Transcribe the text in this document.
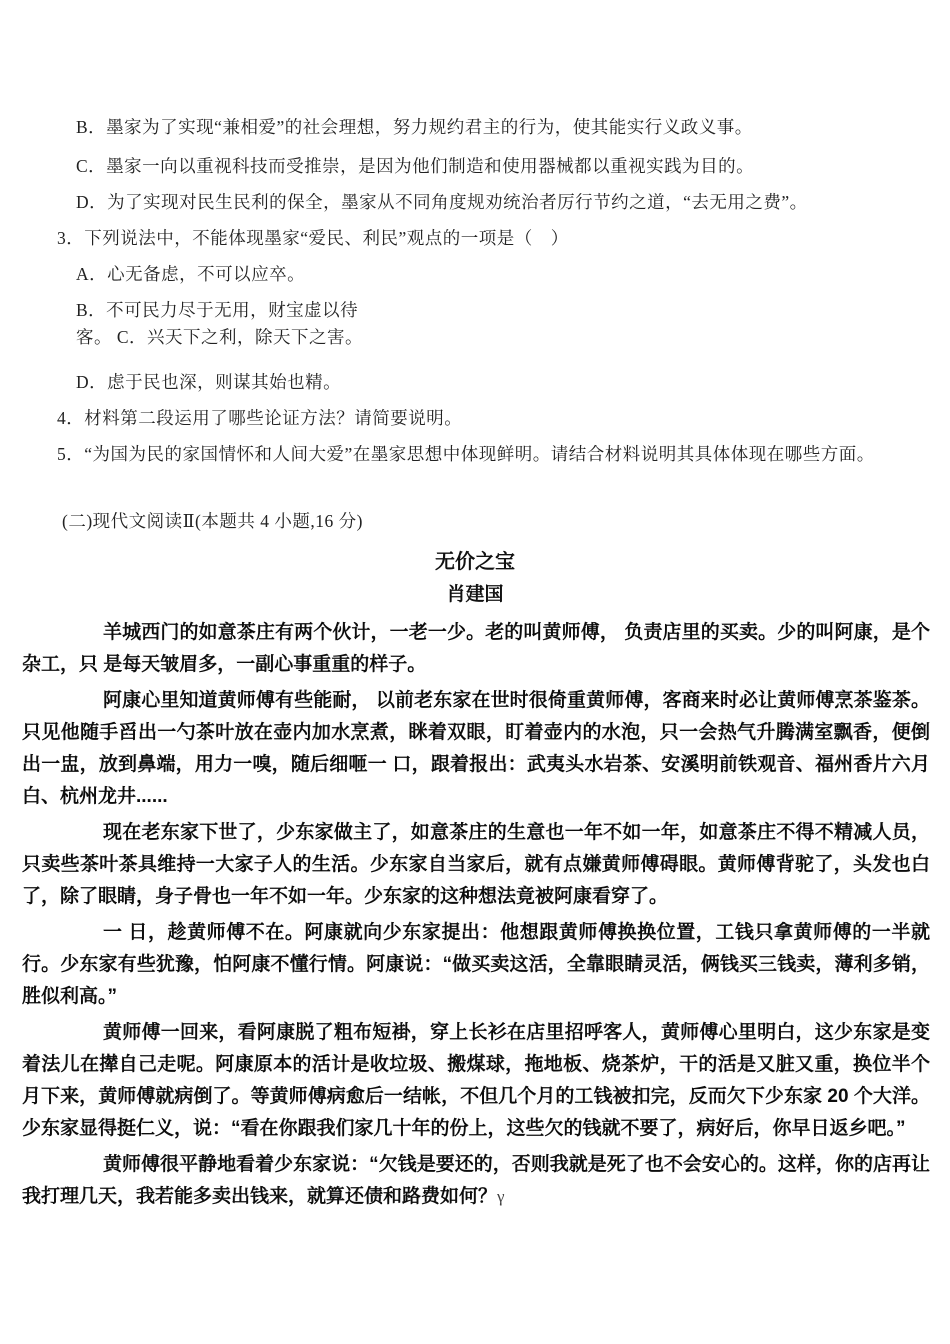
B．墨家为了实现“兼相爱”的社会理想，努力规约君主的行为，使其能实行义政义事。
C．墨家一向以重视科技而受推崇，是因为他们制造和使用器械都以重视实践为目的。
D．为了实现对民生民利的保全，墨家从不同角度规劝统治者厉行节约之道，“去无用之费”。
3．下列说法中，不能体现墨家“爱民、利民”观点的一项是（　）
A．心无备虑，不可以应卒。
B．不可民力尽于无用，财宝虚以待
客。 C．兴天下之利，除天下之害。
D．虑于民也深，则谋其始也精。
4．材料第二段运用了哪些论证方法？请简要说明。
5．“为国为民的家国情怀和人间大爱”在墨家思想中体现鲜明。请结合材料说明其具体体现在哪些方面。
(二)现代文阅读Ⅱ(本题共 4 小题,16 分)
无价之宝
肖建国

羊城西门的如意茶庄有两个伙计，一老一少。老的叫黄师傅， 负责店里的买卖。少的叫阿康，是个杂工，只 是每天皱眉多，一副心事重重的样子。

阿康心里知道黄师傅有些能耐， 以前老东家在世时很倚重黄师傅，客商来时必让黄师傅烹茶鉴茶。只见他随手舀出一勺茶叶放在壶内加水烹煮，眯着双眼，盯着壶内的水泡，只一会热气升腾满室飘香，便倒出一盅，放到鼻端，用力一嗅，随后细咂一 口，跟着报出：武夷头水岩茶、安溪明前铁观音、福州香片六月白、杭州龙井......

现在老东家下世了，少东家做主了，如意茶庄的生意也一年不如一年，如意茶庄不得不精减人员，只卖些茶叶茶具维持一大家子人的生活。少东家自当家后，就有点嫌黄师傅碍眼。黄师傅背驼了，头发也白了，除了眼睛，身子骨也一年不如一年。少东家的这种想法竟被阿康看穿了。

一 日，趁黄师傅不在。阿康就向少东家提出：他想跟黄师傅换换位置，工钱只拿黄师傅的一半就行。少东家有些犹豫，怕阿康不懂行情。阿康说：“做买卖这活，全靠眼睛灵活，俩钱买三钱卖，薄利多销，胜似利高。”

黄师傅一回来，看阿康脱了粗布短褂，穿上长衫在店里招呼客人，黄师傅心里明白，这少东家是变着法儿在撵自己走呢。阿康原本的活计是收垃圾、搬煤球，拖地板、烧茶炉，干的活是又脏又重，换位半个月下来，黄师傅就病倒了。等黄师傅病愈后一结帐，不但几个月的工钱被扣完，反而欠下少东家 20 个大洋。少东家显得挺仁义，说：“看在你跟我们家几十年的份上，这些欠的钱就不要了，病好后，你早日返乡吧。”

黄师傅很平静地看着少东家说：“欠钱是要还的，否则我就是死了也不会安心的。这样，你的店再让我打理几天，我若能多卖出钱来，就算还债和路费如何？γ
